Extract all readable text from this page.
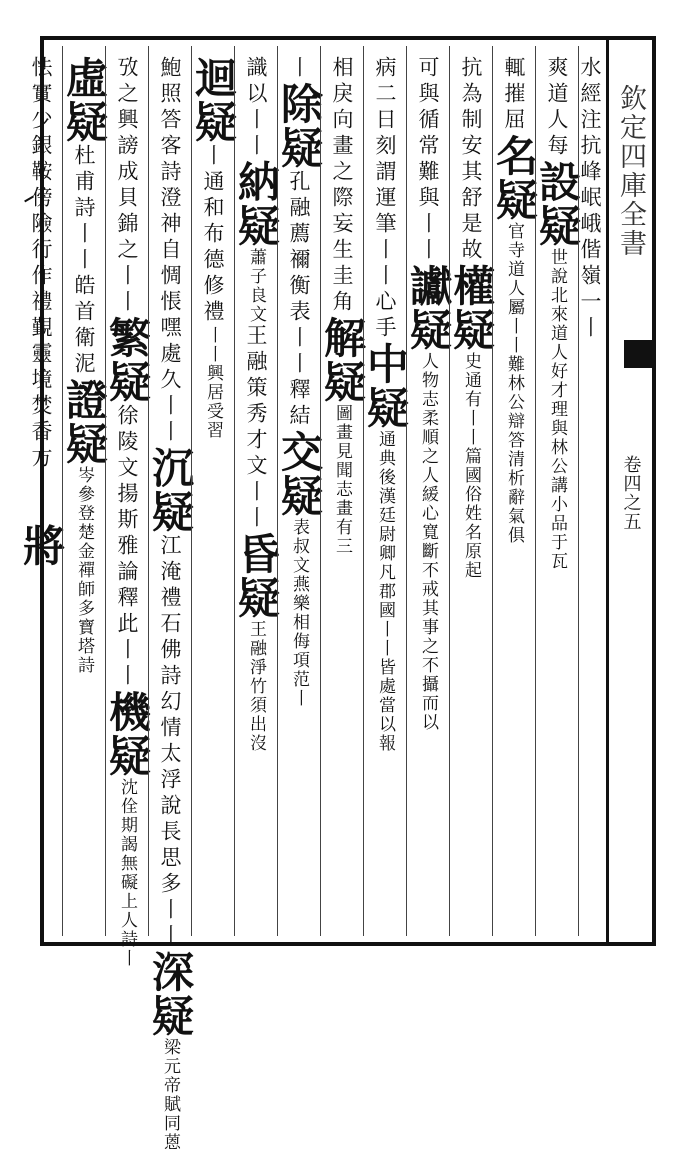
欽定四庫全書
卷四之五
水經注抗峰岷峨偕嶺一丨
爽道人每設疑世說北來道人好才理與林公講小品于瓦
輒摧屈名疑官寺道人屬丨丨難林公辯答清析辭氣俱
抗為制安其舒是故權疑史通有丨丨篇國俗姓名原起
可與循常難與丨丨讞疑人物志柔順之人緩心寬斷不戒其事之不攝而以
病二日刻謂運筆丨丨心手中疑通典後漢廷尉卿凡郡國丨丨皆處當以報
相戾向畫之際妄生圭角解疑圖畫見聞志畫有三
丨除疑孔融薦禰衡表丨丨釋結交疑表叔文燕樂相侮項范丨
識以丨丨納疑蕭子良文王融策秀才文丨丨昏疑王融淨竹須出沒
迴疑丨通和布德修禮丨丨興居受習
鮑照答客詩澄神自惆悵嘿處久丨丨沉疑江淹禮石佛詩幻情太浮說長思多丨丨深疑梁元帝賦同蒽
攷之興謗成貝錦之丨丨繁疑徐陵文揚斯雅論釋此丨丨機疑沈佺期謁無礙上人詩丨
虛疑杜甫詩丨丨皓首衛泥證疑岑參登楚金禪師多寶塔詩
怯實少銀鞍傍險行作禮覲靈境焚香方丨丨將
